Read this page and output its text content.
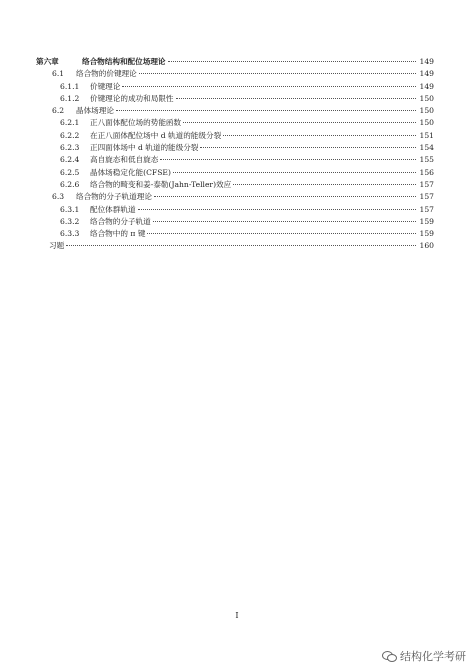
第六章	络合物结构和配位场理论	149
6.1	络合物的价键理论	149
6.1.1	价键理论	149
6.1.2	价键理论的成功和局限性	150
6.2	晶体场理论	150
6.2.1	正八面体配位场的势能函数	150
6.2.2	在正八面体配位场中 d 轨道的能级分裂	151
6.2.3	正四面体场中 d 轨道的能级分裂	154
6.2.4	高自旋态和低自旋态	155
6.2.5	晶体场稳定化能(CFSE)	156
6.2.6	络合物的畸变和姜-泰勒(Jahn-Teller)效应	157
6.3	络合物的分子轨道理论	157
6.3.1	配位体群轨道	157
6.3.2	络合物的分子轨道	159
6.3.3	络合物中的 π 键	159
习题	160
I
结构化学考研
